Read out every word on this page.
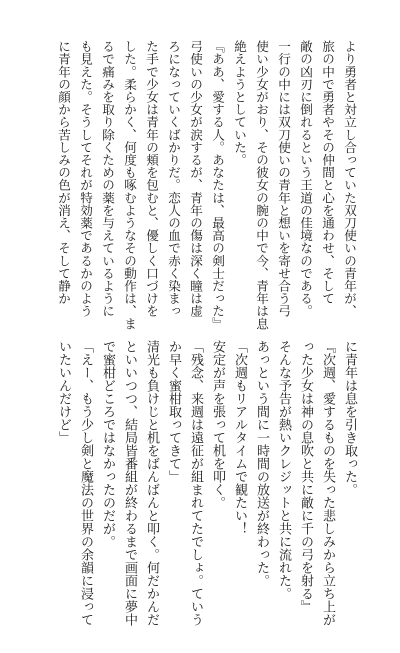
より勇者と対立し合っていた双刀使いの青年が、
旅の中で勇者やその仲間と心を通わせ、そして
敵の凶刃に倒れるという王道の佳境なのである。
一行の中には双刀使いの青年と想いを寄せ合う弓
使い少女がおり、その彼女の腕の中で今、青年は息
絶えようとしていた。
『ああ、愛する人。あなたは、最高の剣士だった』
弓使いの少女が涙するが、青年の傷は深く瞳は虚
ろになっていくばかりだ。恋人の血で赤く染まっ
た手で少女は青年の頬を包むと、優しく口づけを
した。柔らかく、何度も啄むようなその動作は、ま
るで痛みを取り除くための薬を与えているように
も見えた。そうしてそれが特効薬であるかのよう
に青年の顔から苦しみの色が消え、そして静か
に青年は息を引き取った。
『次週、愛するものを失った悲しみから立ち上が
った少女は神の息吹と共に敵に千の弓を射る』
そんな予告が熱いクレジットと共に流れた。
あっという間に一時間の放送が終わった。
「次週もリアルタイムで観たい！
安定が声を張って机を叩く。
「残念、来週は遠征が組まれてたでしょ。ていう
か早く蜜柑取ってきて」
清光も負けじと机をばんばんと叩く。何だかんだ
といいつつ、結局皆番組が終わるまで画面に夢中
で蜜柑どころではなかったのだが。
「えー、もう少し剣と魔法の世界の余韻に浸って
いたいんだけど」
